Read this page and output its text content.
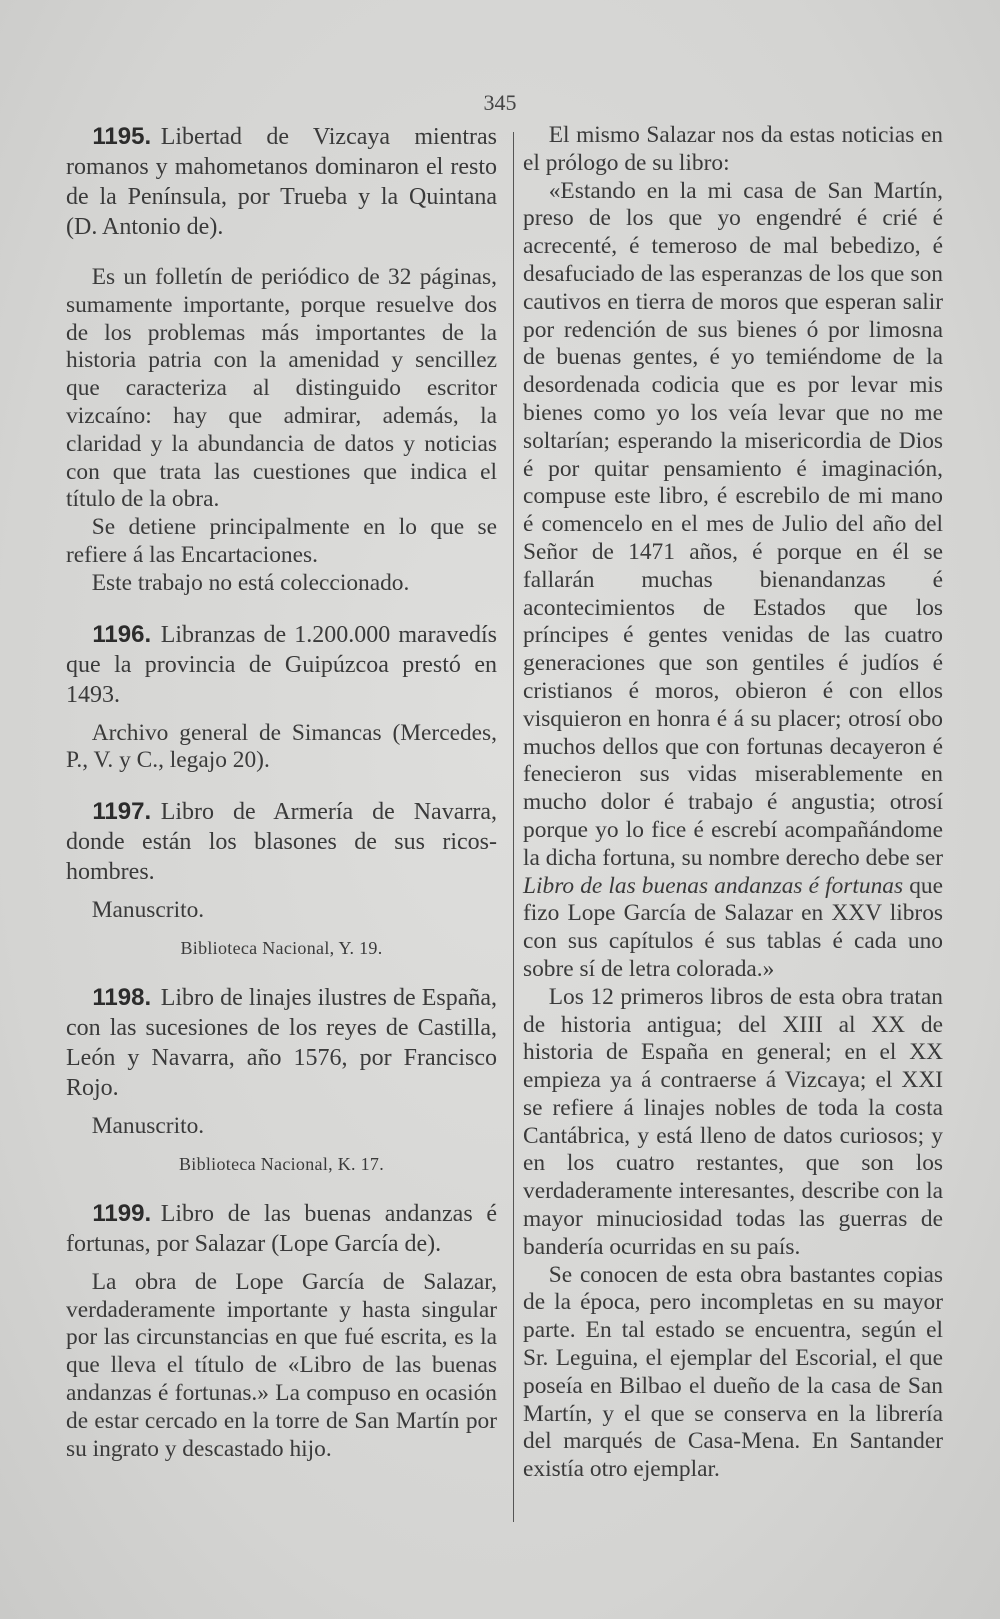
345

1195. Libertad de Vizcaya mientras romanos y mahometanos dominaron el resto de la Península, por Trueba y la Quintana (D. Antonio de).

Es un folletín de periódico de 32 páginas, sumamente importante, porque resuelve dos de los problemas más importantes de la historia patria con la amenidad y sencillez que caracteriza al distinguido escritor vizcaíno: hay que admirar, además, la claridad y la abundancia de datos y noticias con que trata las cuestiones que indica el título de la obra.

Se detiene principalmente en lo que se refiere á las Encartaciones.

Este trabajo no está coleccionado.

1196. Libranzas de 1.200.000 maravedís que la provincia de Guipúzcoa prestó en 1493.

Archivo general de Simancas (Mercedes, P., V. y C., legajo 20).

1197. Libro de Armería de Navarra, donde están los blasones de sus ricos-hombres.

Manuscrito.

Biblioteca Nacional, Y. 19.

1198. Libro de linajes ilustres de España, con las sucesiones de los reyes de Castilla, León y Navarra, año 1576, por Francisco Rojo.

Manuscrito.

Biblioteca Nacional, K. 17.

1199. Libro de las buenas andanzas é fortunas, por Salazar (Lope García de).

La obra de Lope García de Salazar, verdaderamente importante y hasta singular por las circunstancias en que fué escrita, es la que lleva el título de «Libro de las buenas andanzas é fortunas.» La compuso en ocasión de estar cercado en la torre de San Martín por su ingrato y descastado hijo.

El mismo Salazar nos da estas noticias en el prólogo de su libro:

«Estando en la mi casa de San Martín, preso de los que yo engendré é crié é acrecenté, é temeroso de mal bebedizo, é desafuciado de las esperanzas de los que son cautivos en tierra de moros que esperan salir por redención de sus bienes ó por limosna de buenas gentes, é yo temiéndome de la desordenada codicia que es por levar mis bienes como yo los veía levar que no me soltarían; esperando la misericordia de Dios é por quitar pensamiento é imaginación, compuse este libro, é escrebilo de mi mano é comencelo en el mes de Julio del año del Señor de 1471 años, é porque en él se fallarán muchas bienandanzas é acontecimientos de Estados que los príncipes é gentes venidas de las cuatro generaciones que son gentiles é judíos é cristianos é moros, obieron é con ellos visquieron en honra é á su placer; otrosí obo muchos dellos que con fortunas decayeron é fenecieron sus vidas miserablemente en mucho dolor é trabajo é angustia; otrosí porque yo lo fice é escrebí acompañándome la dicha fortuna, su nombre derecho debe ser Libro de las buenas andanzas é fortunas que fizo Lope García de Salazar en XXV libros con sus capítulos é sus tablas é cada uno sobre sí de letra colorada.»

Los 12 primeros libros de esta obra tratan de historia antigua; del XIII al XX de historia de España en general; en el XX empieza ya á contraerse á Vizcaya; el XXI se refiere á linajes nobles de toda la costa Cantábrica, y está lleno de datos curiosos; y en los cuatro restantes, que son los verdaderamente interesantes, describe con la mayor minuciosidad todas las guerras de bandería ocurridas en su país.

Se conocen de esta obra bastantes copias de la época, pero incompletas en su mayor parte. En tal estado se encuentra, según el Sr. Leguina, el ejemplar del Escorial, el que poseía en Bilbao el dueño de la casa de San Martín, y el que se conserva en la librería del marqués de Casa-Mena. En Santander existía otro ejemplar.
